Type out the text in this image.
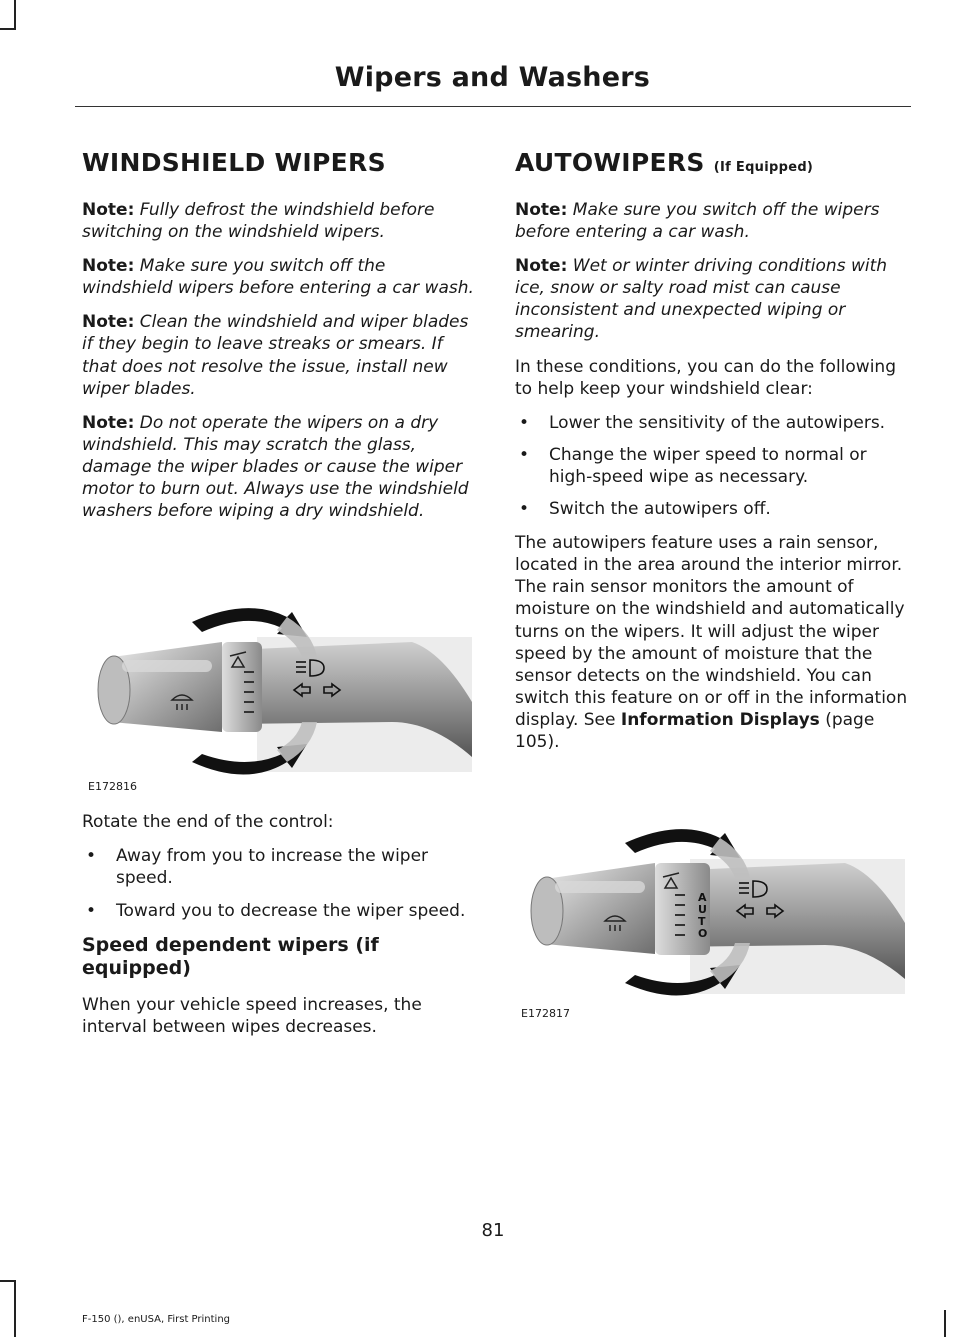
Wipers and Washers
WINDSHIELD WIPERS

Note: Fully defrost the windshield before switching on the windshield wipers.

Note: Make sure you switch off the windshield wipers before entering a car wash.

Note: Clean the windshield and wiper blades if they begin to leave streaks or smears. If that does not resolve the issue, install new wiper blades.

Note: Do not operate the wipers on a dry windshield. This may scratch the glass, damage the wiper blades or cause the wiper motor to burn out. Always use the windshield washers before wiping a dry windshield.

E172816

Rotate the end of the control:

• Away from you to increase the wiper speed.
• Toward you to decrease the wiper speed.
Speed dependent wipers (if equipped)

When your vehicle speed increases, the interval between wipes decreases.

AUTOWIPERS (If Equipped)

Note: Make sure you switch off the wipers before entering a car wash.

Note: Wet or winter driving conditions with ice, snow or salty road mist can cause inconsistent and unexpected wiping or smearing.

In these conditions, you can do the following to help keep your windshield clear:

• Lower the sensitivity of the autowipers.
• Change the wiper speed to normal or high-speed wipe as necessary.
• Switch the autowipers off.

The autowipers feature uses a rain sensor, located in the area around the interior mirror. The rain sensor monitors the amount of moisture on the windshield and automatically turns on the wipers. It will adjust the wiper speed by the amount of moisture that the sensor detects on the windshield. You can switch this feature on or off in the information display. See Information Displays (page 105).

A
U
T
O
E172817
81
F-150 (), enUSA, First Printing
